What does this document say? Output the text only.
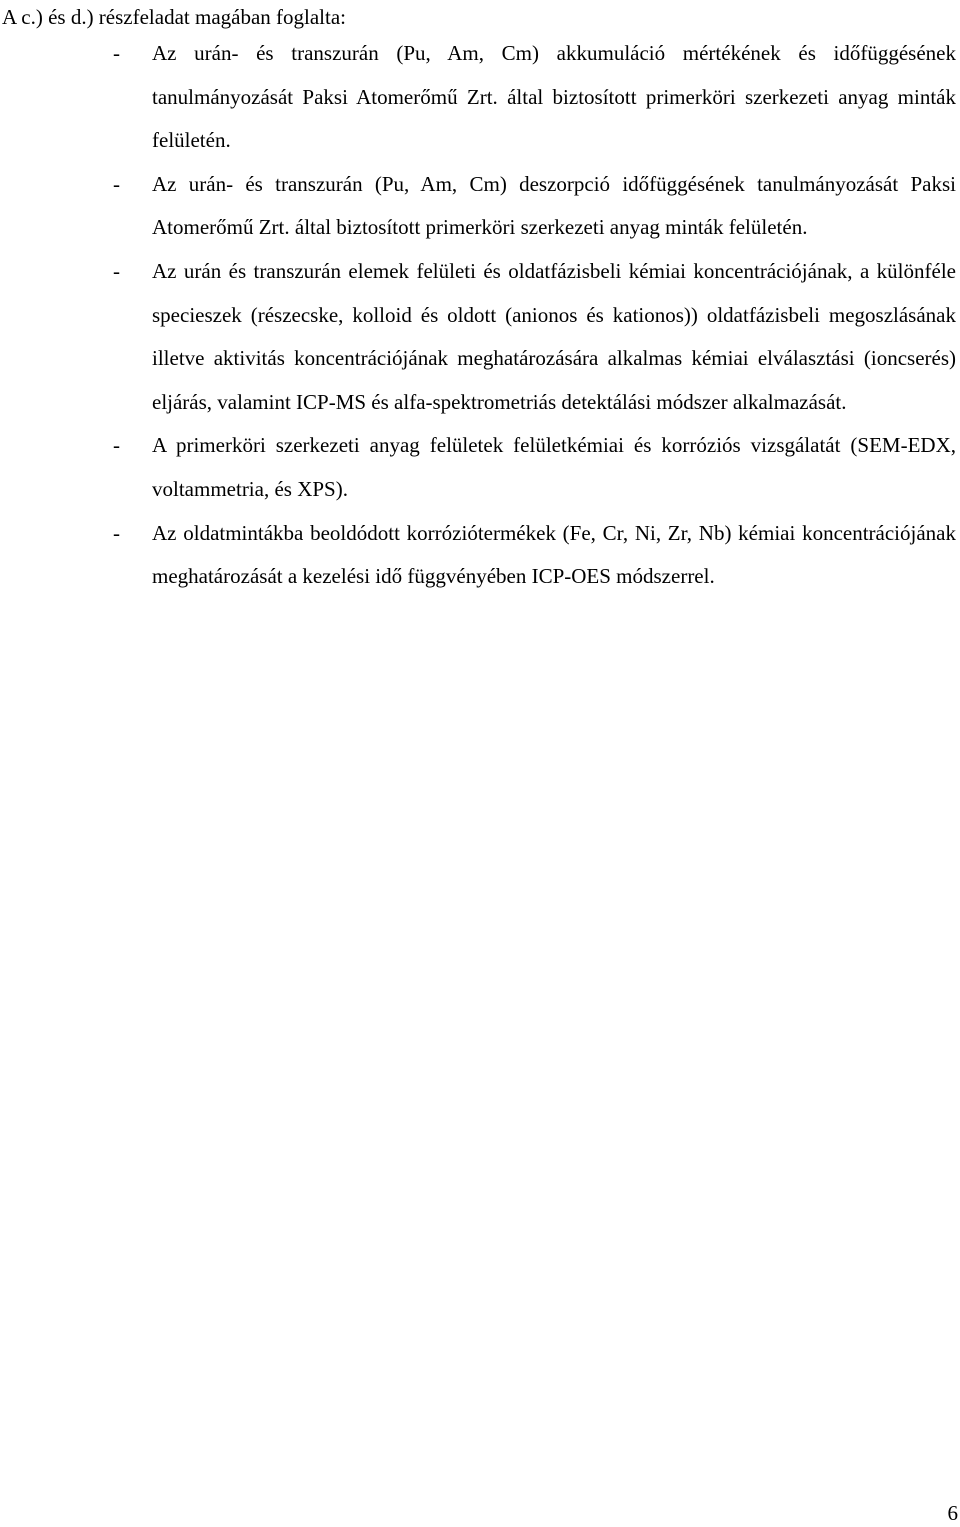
A c.) és d.) részfeladat magában foglalta:

- Az urán- és transzurán (Pu, Am, Cm) akkumuláció mértékének és időfüggésének tanulmányozását Paksi Atomerőmű Zrt. által biztosított primerköri szerkezeti anyag minták felületén.
- Az urán- és transzurán (Pu, Am, Cm) deszorpció időfüggésének tanulmányozását Paksi Atomerőmű Zrt. által biztosított primerköri szerkezeti anyag minták felületén.
- Az urán és transzurán elemek felületi és oldatfázisbeli kémiai koncentrációjának, a különféle specieszek (részecske, kolloid és oldott (anionos és kationos)) oldatfázisbeli megoszlásának illetve aktivitás koncentrációjának meghatározására alkalmas kémiai elválasztási (ioncserés) eljárás, valamint ICP-MS és alfa-spektrometriás detektálási módszer alkalmazását.
- A primerköri szerkezeti anyag felületek felületkémiai és korróziós vizsgálatát (SEM-EDX, voltammetria, és XPS).
- Az oldatmintákba beoldódott korróziótermékek (Fe, Cr, Ni, Zr, Nb) kémiai koncentrációjának meghatározását a kezelési idő függvényében ICP-OES módszerrel.

6
